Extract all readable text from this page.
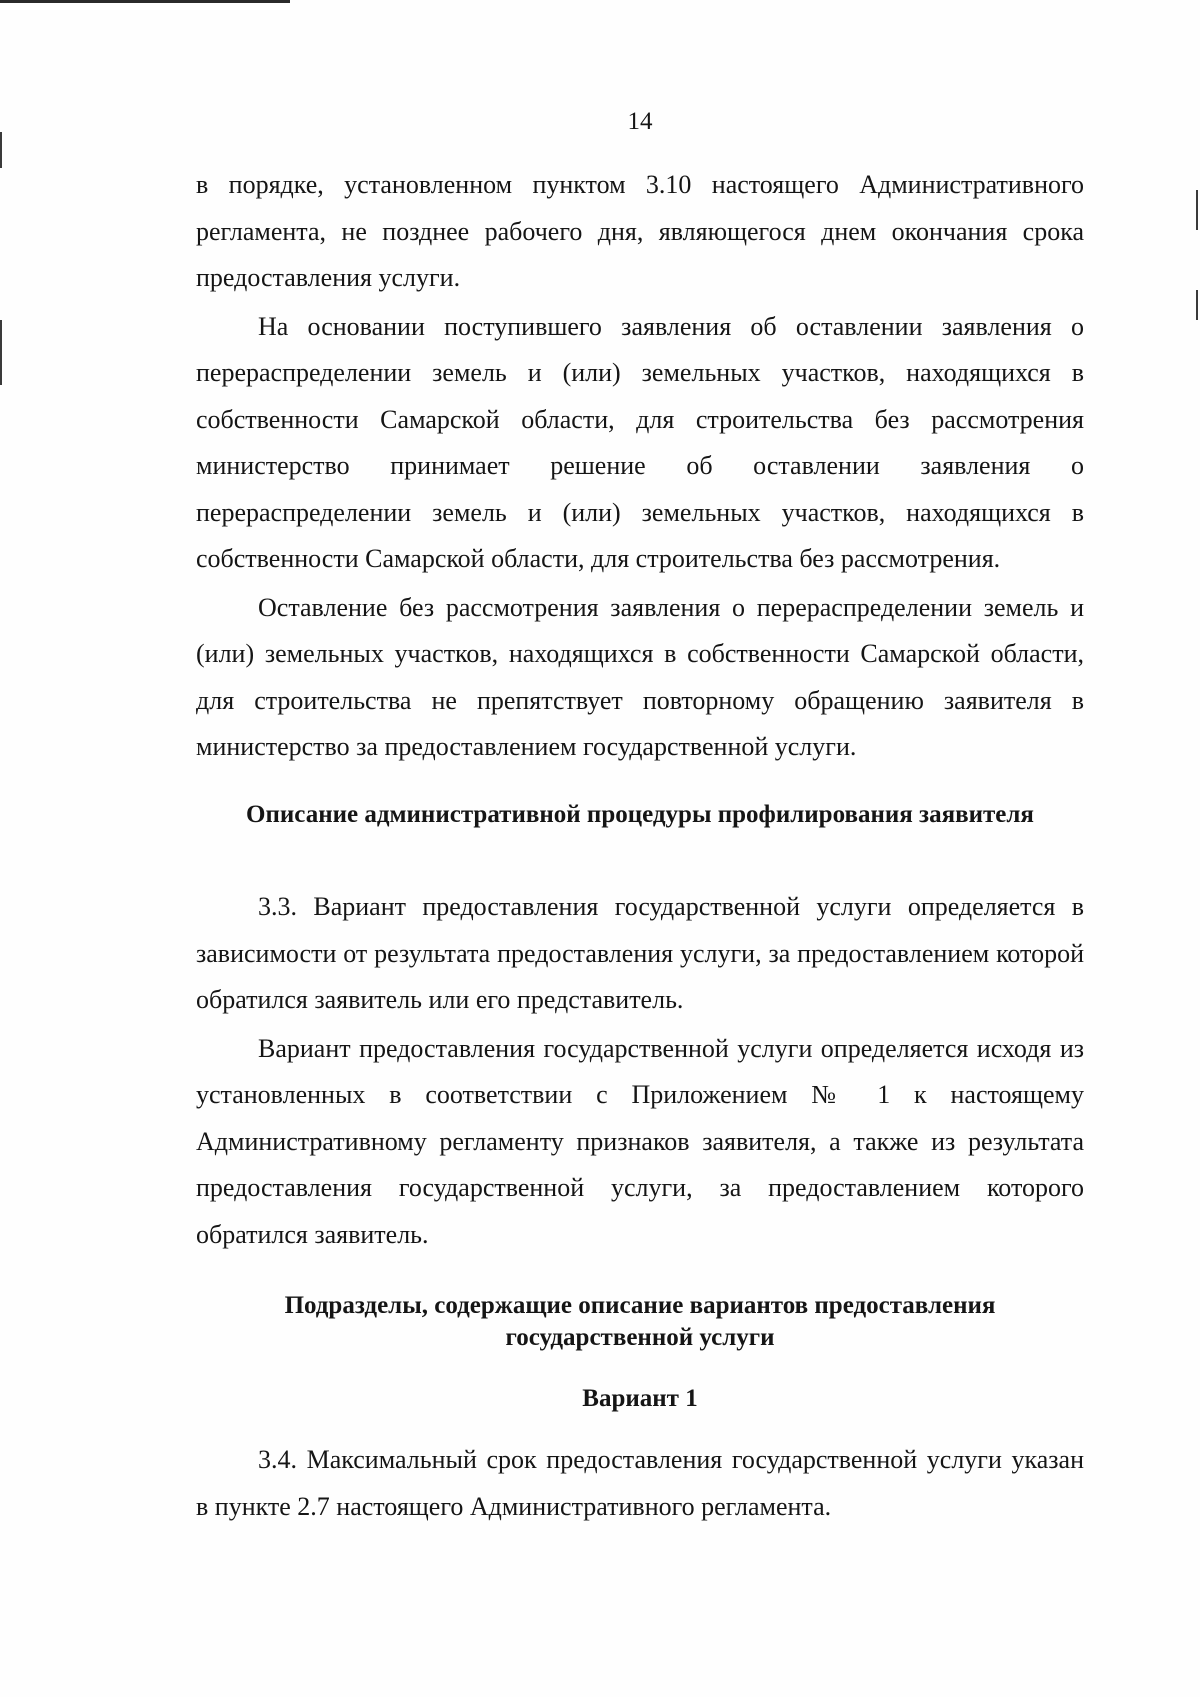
14

в порядке, установленном пунктом 3.10 настоящего Административного регламента, не позднее рабочего дня, являющегося днем окончания срока предоставления услуги.

На основании поступившего заявления об оставлении заявления о перераспределении земель и (или) земельных участков, находящихся в собственности Самарской области, для строительства без рассмотрения министерство принимает решение об оставлении заявления о перераспределении земель и (или) земельных участков, находящихся в собственности Самарской области, для строительства без рассмотрения.

Оставление без рассмотрения заявления о перераспределении земель и (или) земельных участков, находящихся в собственности Самарской области, для строительства не препятствует повторному обращению заявителя в министерство за предоставлением государственной услуги.

Описание административной процедуры профилирования заявителя

3.3. Вариант предоставления государственной услуги определяется в зависимости от результата предоставления услуги, за предоставлением которой обратился заявитель или его представитель.

Вариант предоставления государственной услуги определяется исходя из установленных в соответствии с Приложением № 1 к настоящему Административному регламенту признаков заявителя, а также из результата предоставления государственной услуги, за предоставлением которого обратился заявитель.

Подразделы, содержащие описание вариантов предоставления государственной услуги
Вариант 1

3.4. Максимальный срок предоставления государственной услуги указан в пункте 2.7 настоящего Административного регламента.
